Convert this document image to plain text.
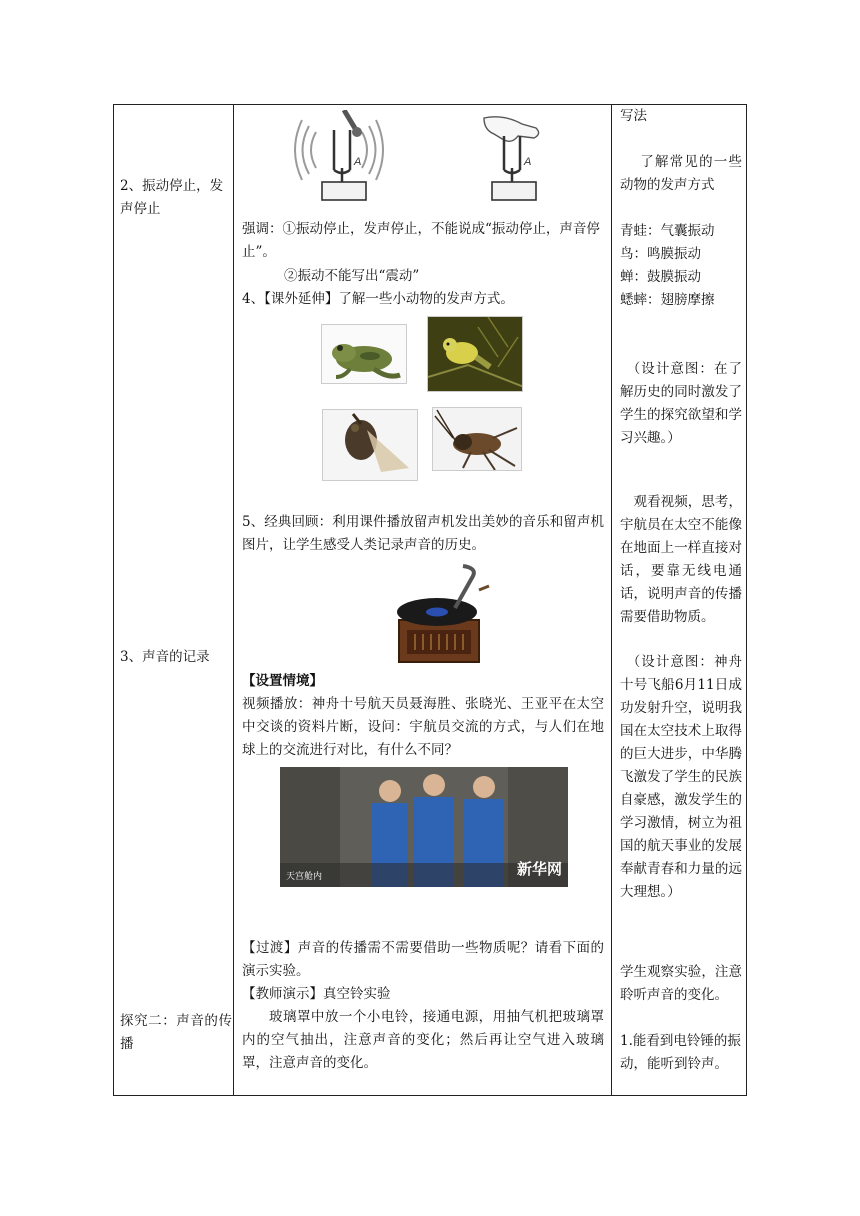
2、振动停止，发声停止
3、声音的记录
探究二：声音的传播
A	A
强调：①振动停止，发声停止，不能说成“振动停止，声音停止”。
②振动不能写出“震动”
4、【课外延伸】了解一些小动物的发声方式。
5、经典回顾：利用课件播放留声机发出美妙的音乐和留声机图片，让学生感受人类记录声音的历史。
【设置情境】
视频播放：神舟十号航天员聂海胜、张晓光、王亚平在太空中交谈的资料片断，设问：宇航员交流的方式，与人们在地球上的交流进行对比，有什么不同？
天宫舱内	新华网
【过渡】声音的传播需不需要借助一些物质呢？请看下面的演示实验。
【教师演示】真空铃实验
玻璃罩中放一个小电铃，接通电源，用抽气机把玻璃罩内的空气抽出，注意声音的变化；然后再让空气进入玻璃罩，注意声音的变化。
写法
了解常见的一些动物的发声方式
青蛙：气囊振动
鸟：鸣膜振动
蝉：鼓膜振动
蟋蟀：翅膀摩擦
（设计意图：在了解历史的同时激发了学生的探究欲望和学习兴趣。）
观看视频，思考，宇航员在太空不能像在地面上一样直接对话，要靠无线电通话，说明声音的传播需要借助物质。
（设计意图：神舟十号飞船6月11日成功发射升空，说明我国在太空技术上取得的巨大进步，中华腾飞激发了学生的民族自豪感，激发学生的学习激情，树立为祖国的航天事业的发展奉献青春和力量的远大理想。）
学生观察实验，注意聆听声音的变化。
1.能看到电铃锤的振动，能听到铃声。
